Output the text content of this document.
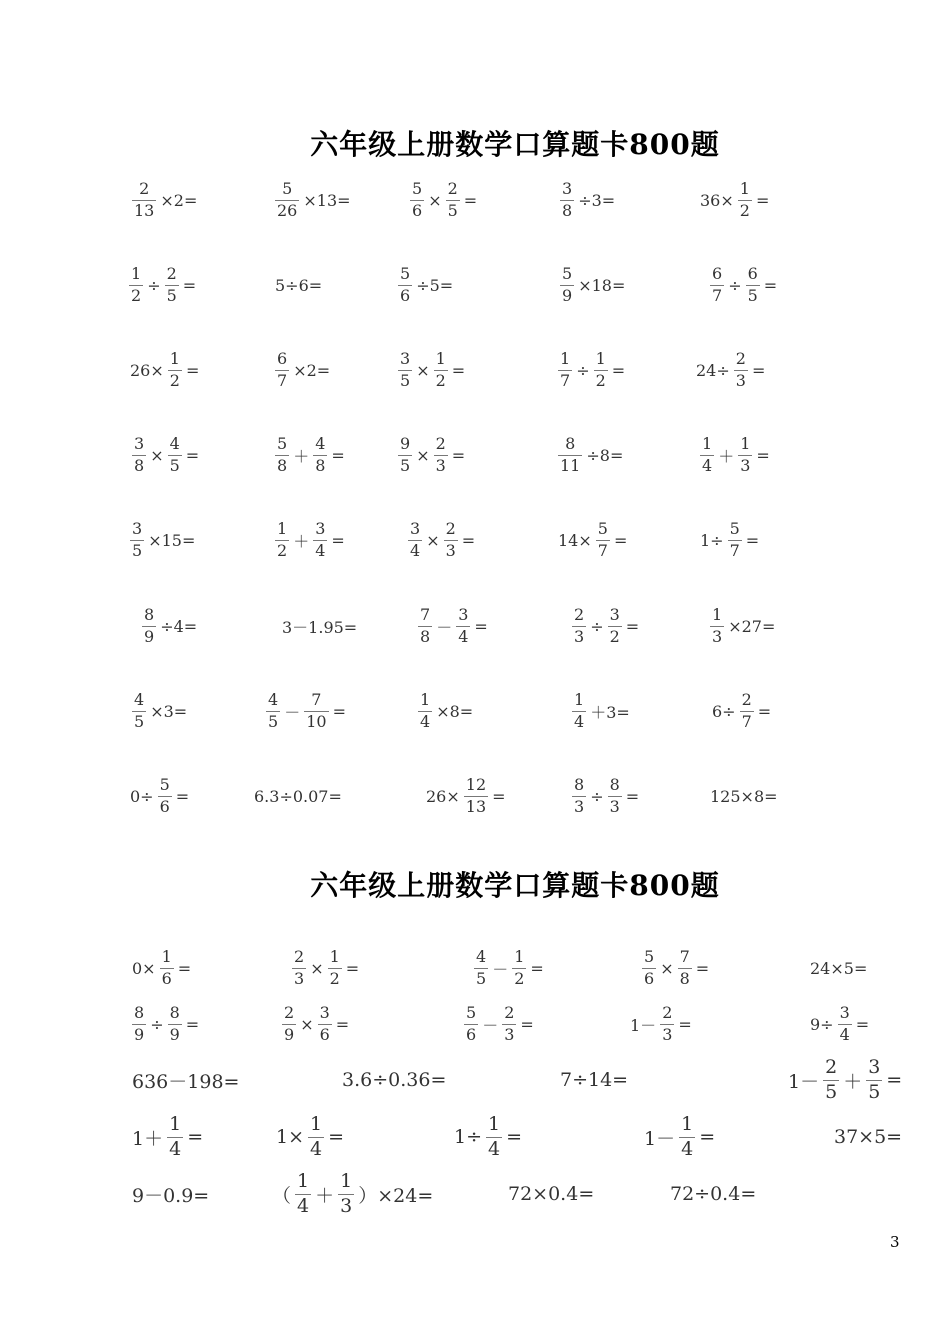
六年级上册数学口算题卡800题
$\frac{2}{13} \times 2=$	$\frac{5}{26} \times 13=$	$\frac{5}{6} \times \frac{2}{5}$ =	$\frac{3}{8} \div 3=$	$36\times \frac{1}{2}$ =
$\frac{1}{2} \div \frac{2}{5}$ =	5÷6=	$\frac{5}{6} \div 5=$	$\frac{5}{9} \times 18=$	$\frac{6}{7} \div \frac{6}{5}$ =
$26\times \frac{1}{2}$ =	$\frac{6}{7} \times 2=$	$\frac{3}{5} \times \frac{1}{2}$ =	$\frac{1}{7} \div \frac{1}{2}$ =	$24\div \frac{2}{3}$ =
$\frac{3}{8} \times \frac{4}{5}$ =	$\frac{5}{8} + \frac{4}{8}$ =	$\frac{9}{5} \times \frac{2}{3}$ =	$\frac{8}{11} \div 8=$	$\frac{1}{4} + \frac{1}{3}$ =
$\frac{3}{5} \times 15=$	$\frac{1}{2} + \frac{3}{4}$ =	$\frac{3}{4} \times \frac{2}{3}$ =	$14\times \frac{5}{7}$ =	$1\div \frac{5}{7}$ =
$\frac{8}{9} \div 4=$	3－1.95=	$\frac{7}{8} - \frac{3}{4}$ =	$\frac{2}{3} \div \frac{3}{2}$ =	$\frac{1}{3} \times 27=$
$\frac{4}{5} \times 3=$	$\frac{4}{5} - \frac{7}{10}$ =	$\frac{1}{4} \times 8=$	$\frac{1}{4} +3=$	$6\div \frac{2}{7}$ =
$0\div \frac{5}{6}$ =	6.3÷0.07=	$26\times \frac{12}{13}$ =	$\frac{8}{3} \div \frac{8}{3}$ =	125×8=
六年级上册数学口算题卡800题
$0\times \frac{1}{6}$ =	$\frac{2}{3} \times \frac{1}{2}$ =	$\frac{4}{5} - \frac{1}{2}$ =	$\frac{5}{6} \times \frac{7}{8}$ =	24×5=
$\frac{8}{9} \div \frac{8}{9}$ =	$\frac{2}{9} \times \frac{3}{6}$ =	$\frac{5}{6} - \frac{2}{3}$ =	$1- \frac{2}{3}$ =	$9\div \frac{3}{4}$ =
636－198=	3.6÷0.36=	7÷14=	$1- \frac{2}{5} + \frac{3}{5}$ =
$1+ \frac{1}{4}$ =	$1\times \frac{1}{4}$ =	$1\div \frac{1}{4}$ =	$1- \frac{1}{4}$ =	37×5=
9－0.9=	（ $\frac{1}{4} + \frac{1}{3} )\times 24=$	72×0.4=	72÷0.4=
3
